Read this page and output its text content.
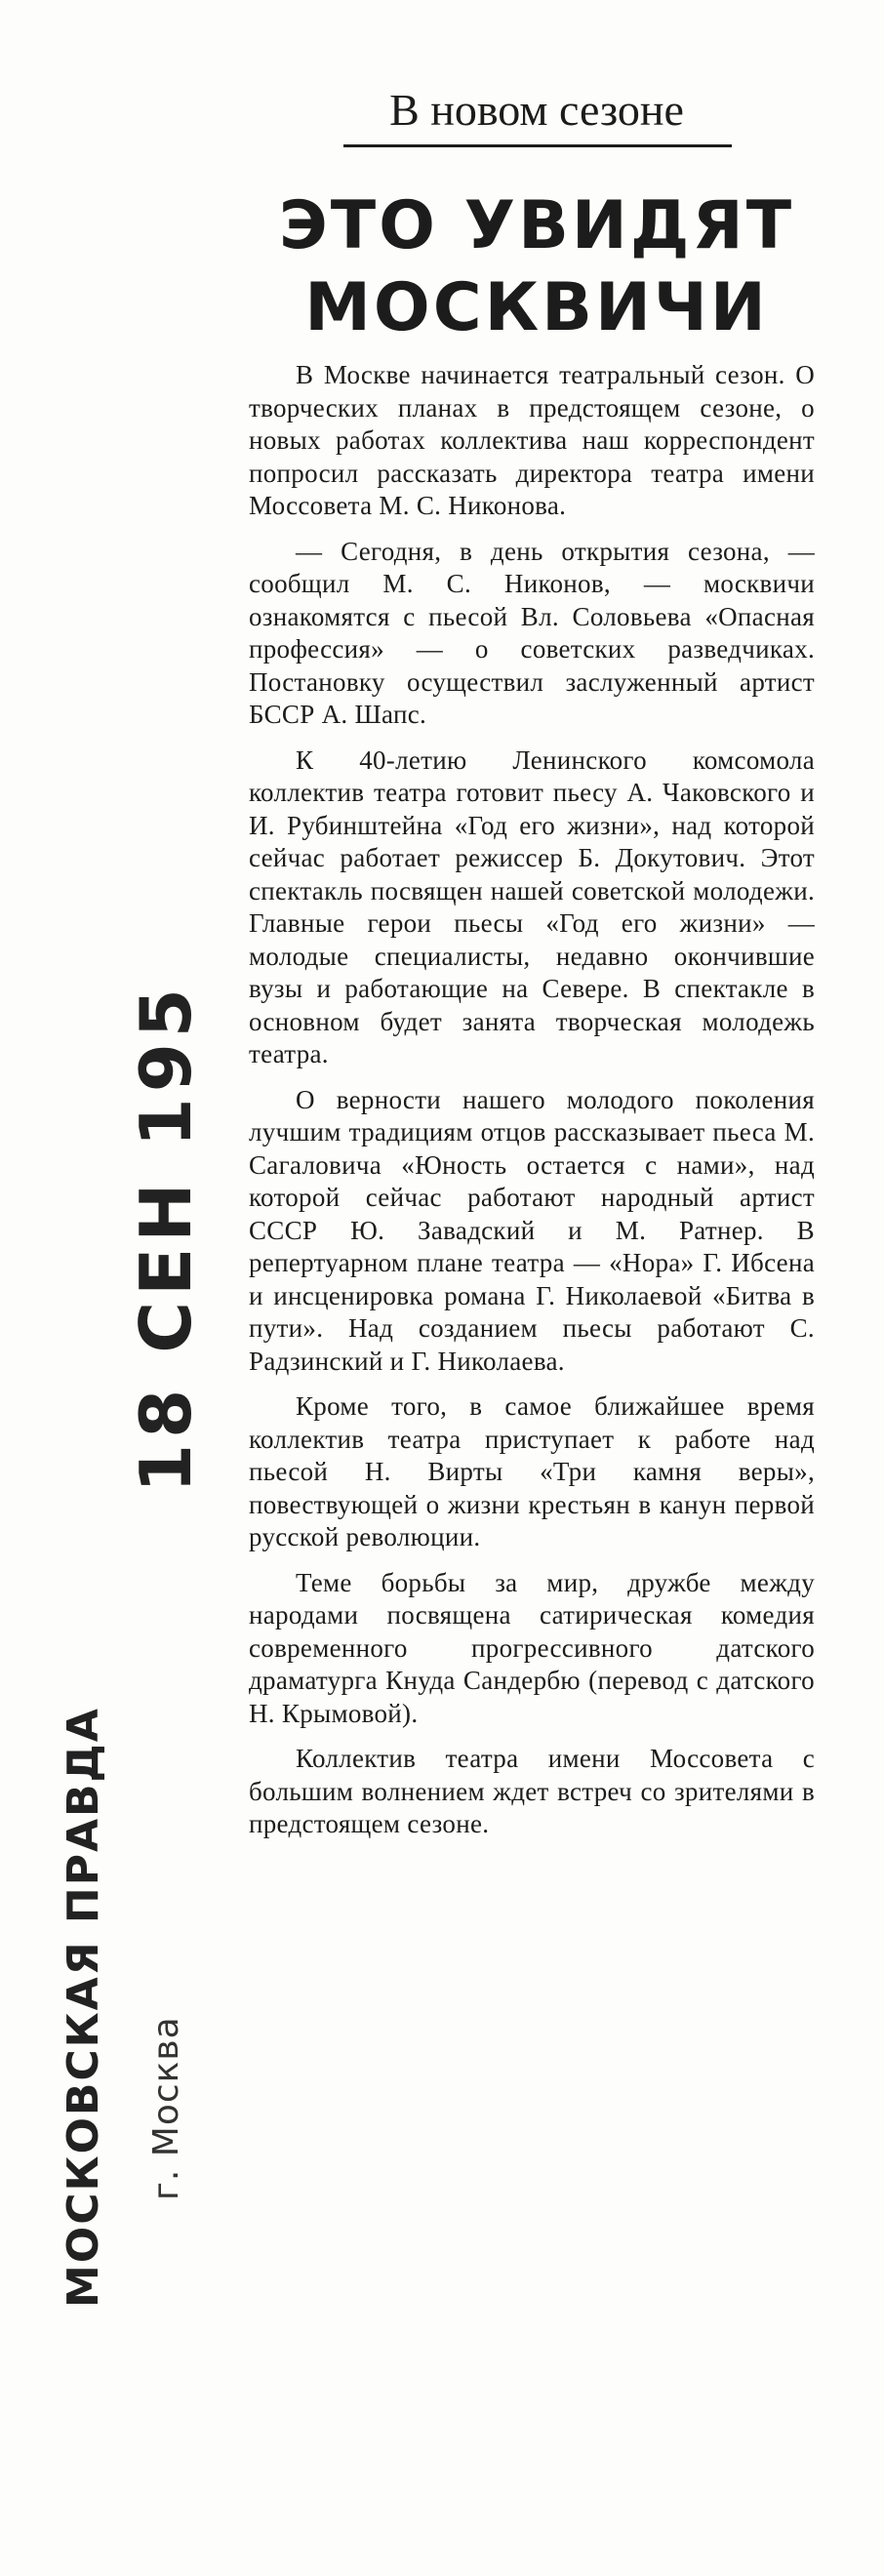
В новом сезоне
ЭТО УВИДЯТ МОСКВИЧИ

В Москве начинается театральный сезон. О творческих планах в предстоящем сезоне, о новых работах коллектива наш корреспондент попросил рассказать директора театра имени Моссовета М. С. Никонова.

— Сегодня, в день открытия сезона, — сообщил М. С. Никонов, — москвичи ознакомятся с пьесой Вл. Соловьева «Опасная профессия» — о советских разведчиках. Постановку осуществил заслуженный артист БССР А. Шапс.

К 40-летию Ленинского комсомола коллектив театра готовит пьесу А. Чаковского и И. Рубинштейна «Год его жизни», над которой сейчас работает режиссер Б. Докутович. Этот спектакль посвящен нашей советской молодежи. Главные герои пьесы «Год его жизни» — молодые специалисты, недавно окончившие вузы и работающие на Севере. В спектакле в основном будет занята творческая молодежь театра.

О верности нашего молодого поколения лучшим традициям отцов рассказывает пьеса М. Сагаловича «Юность остается с нами», над которой сейчас работают народный артист СССР Ю. Завадский и М. Ратнер. В репертуарном плане театра — «Нора» Г. Ибсена и инсценировка романа Г. Николаевой «Битва в пути». Над созданием пьесы работают С. Радзинский и Г. Николаева.

Кроме того, в самое ближайшее время коллектив театра приступает к работе над пьесой Н. Вирты «Три камня веры», повествующей о жизни крестьян в канун первой русской революции.

Теме борьбы за мир, дружбе между народами посвящена сатирическая комедия современного прогрессивного датского драматурга Кнуда Сандербю (перевод с датского Н. Крымовой).

Коллектив театра имени Моссовета с большим волнением ждет встреч со зрителями в предстоящем сезоне.

18 СЕН 195
МОСКОВСКАЯ ПРАВДА г. Москва
